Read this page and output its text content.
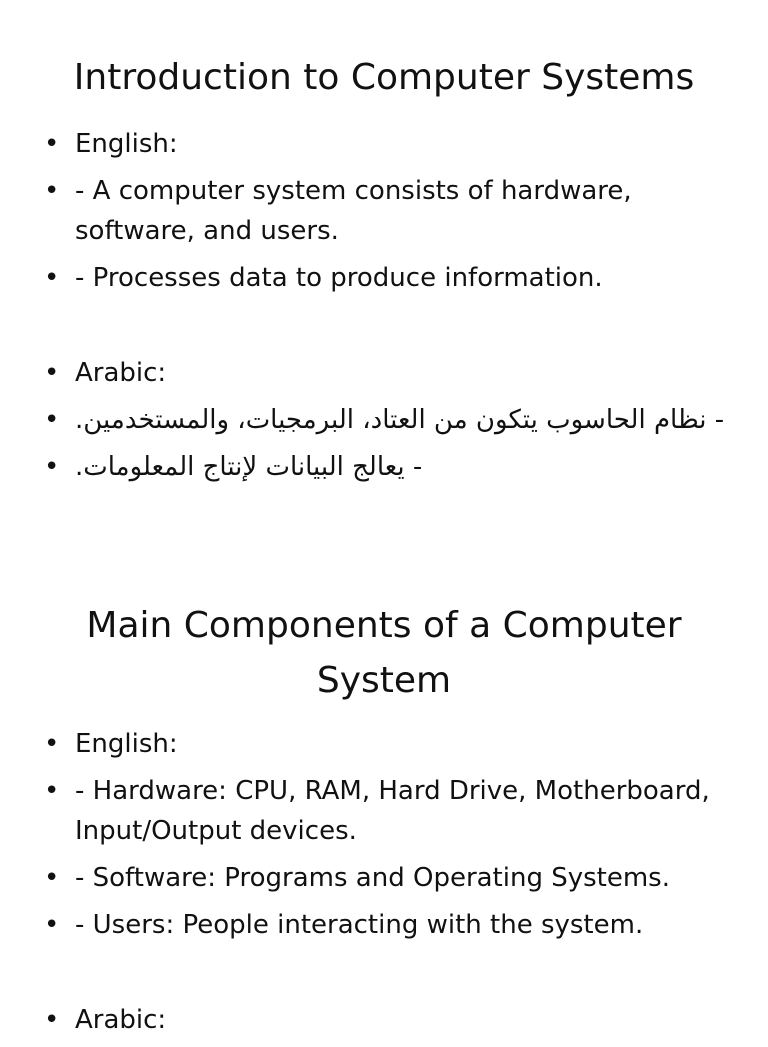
Introduction to Computer Systems
• English:
• - A computer system consists of hardware, software, and users.
• - Processes data to produce information.
• Arabic:
• - نظام الحاسوب يتكون من العتاد، البرمجيات، والمستخدمين.
• - يعالج البيانات لإنتاج المعلومات.
Main Components of a Computer System
• English:
• - Hardware: CPU, RAM, Hard Drive, Motherboard, Input/Output devices.
• - Software: Programs and Operating Systems.
• - Users: People interacting with the system.
• Arabic:
